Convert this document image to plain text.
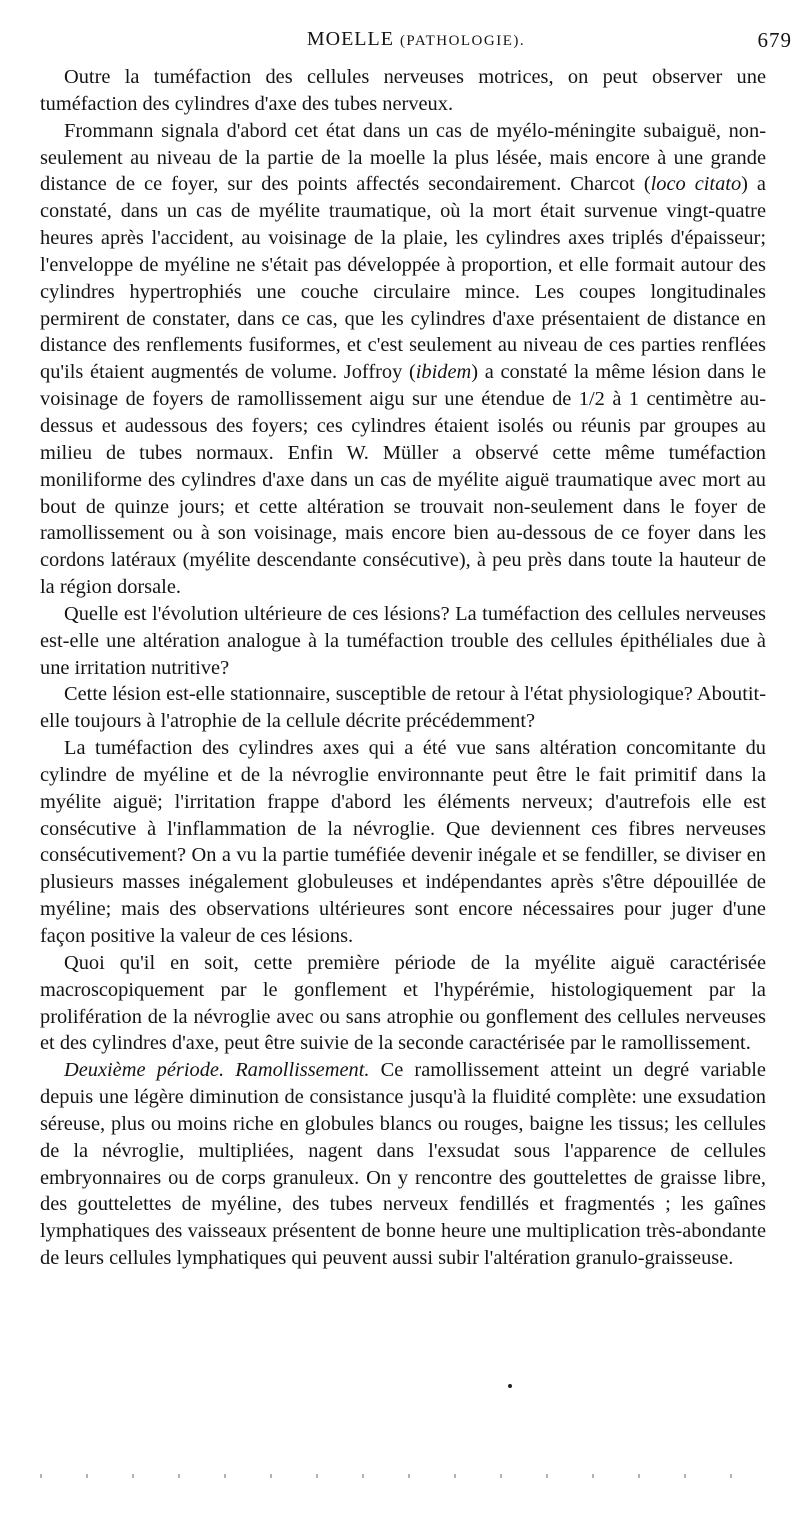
MOELLE (PATHOLOGIE).	679

Outre la tuméfaction des cellules nerveuses motrices, on peut observer une tuméfaction des cylindres d'axe des tubes nerveux.

Frommann signala d'abord cet état dans un cas de myélo-méningite subaiguë, non-seulement au niveau de la partie de la moelle la plus lésée, mais encore à une grande distance de ce foyer, sur des points affectés secondairement. Charcot (loco citato) a constaté, dans un cas de myélite traumatique, où la mort était survenue vingt-quatre heures après l'accident, au voisinage de la plaie, les cylindres axes triplés d'épaisseur; l'enveloppe de myéline ne s'était pas développée à proportion, et elle formait autour des cylindres hypertrophiés une couche circulaire mince. Les coupes longitudinales permirent de constater, dans ce cas, que les cylindres d'axe présentaient de distance en distance des renflements fusiformes, et c'est seulement au niveau de ces parties renflées qu'ils étaient augmentés de volume. Joffroy (ibidem) a constaté la même lésion dans le voisinage de foyers de ramollissement aigu sur une étendue de 1/2 à 1 centimètre au-dessus et audessous des foyers; ces cylindres étaient isolés ou réunis par groupes au milieu de tubes normaux. Enfin W. Müller a observé cette même tuméfaction moniliforme des cylindres d'axe dans un cas de myélite aiguë traumatique avec mort au bout de quinze jours; et cette altération se trouvait non-seulement dans le foyer de ramollissement ou à son voisinage, mais encore bien au-dessous de ce foyer dans les cordons latéraux (myélite descendante consécutive), à peu près dans toute la hauteur de la région dorsale.

Quelle est l'évolution ultérieure de ces lésions? La tuméfaction des cellules nerveuses est-elle une altération analogue à la tuméfaction trouble des cellules épithéliales due à une irritation nutritive?

Cette lésion est-elle stationnaire, susceptible de retour à l'état physiologique? Aboutit-elle toujours à l'atrophie de la cellule décrite précédemment?

La tuméfaction des cylindres axes qui a été vue sans altération concomitante du cylindre de myéline et de la névroglie environnante peut être le fait primitif dans la myélite aiguë; l'irritation frappe d'abord les éléments nerveux; d'autrefois elle est consécutive à l'inflammation de la névroglie. Que deviennent ces fibres nerveuses consécutivement? On a vu la partie tuméfiée devenir inégale et se fendiller, se diviser en plusieurs masses inégalement globuleuses et indépendantes après s'être dépouillée de myéline; mais des observations ultérieures sont encore nécessaires pour juger d'une façon positive la valeur de ces lésions.

Quoi qu'il en soit, cette première période de la myélite aiguë caractérisée macroscopiquement par le gonflement et l'hypérémie, histologiquement par la prolifération de la névroglie avec ou sans atrophie ou gonflement des cellules nerveuses et des cylindres d'axe, peut être suivie de la seconde caractérisée par le ramollissement.

Deuxième période. Ramollissement. Ce ramollissement atteint un degré variable depuis une légère diminution de consistance jusqu'à la fluidité complète: une exsudation séreuse, plus ou moins riche en globules blancs ou rouges, baigne les tissus; les cellules de la névroglie, multipliées, nagent dans l'exsudat sous l'apparence de cellules embryonnaires ou de corps granuleux. On y rencontre des gouttelettes de graisse libre, des gouttelettes de myéline, des tubes nerveux fendillés et fragmentés ; les gaînes lymphatiques des vaisseaux présentent de bonne heure une multiplication très-abondante de leurs cellules lymphatiques qui peuvent aussi subir l'altération granulo-graisseuse.
